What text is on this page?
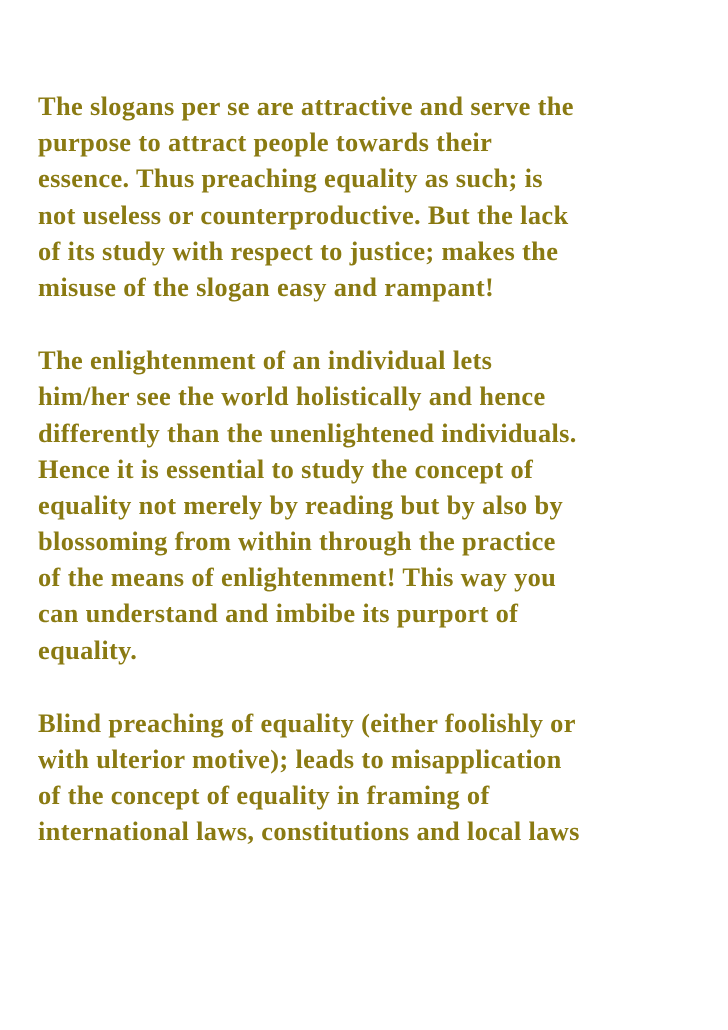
The slogans per se are attractive and serve the
purpose to attract people towards their
essence. Thus preaching equality as such; is
not useless or counterproductive. But the lack
of its study with respect to justice; makes the
misuse of the slogan easy and rampant!

The enlightenment of an individual lets
him/her see the world holistically and hence
differently than the unenlightened individuals.
Hence it is essential to study the concept of
equality not merely by reading but by also by
blossoming from within through the practice
of the means of enlightenment! This way you
can understand and imbibe its purport of
equality.

Blind preaching of equality (either foolishly or
with ulterior motive); leads to misapplication
of the concept of equality in framing of
international laws, constitutions and local laws
